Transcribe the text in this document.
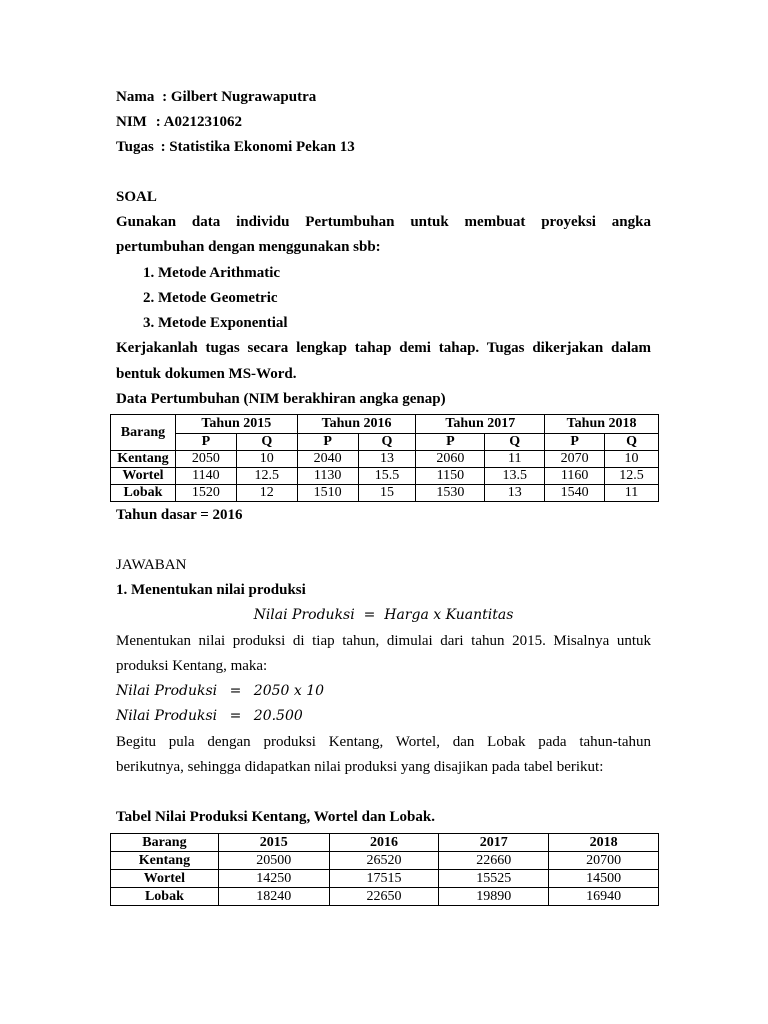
Nama : Gilbert Nugrawaputra
NIM : A021231062
Tugas : Statistika Ekonomi Pekan 13
SOAL
Gunakan data individu Pertumbuhan untuk membuat proyeksi angka
pertumbuhan dengan menggunakan sbb:
1. Metode Arithmatic
2. Metode Geometric
3. Metode Exponential
Kerjakanlah tugas secara lengkap tahap demi tahap. Tugas dikerjakan dalam
bentuk dokumen MS-Word.
Data Pertumbuhan (NIM berakhiran angka genap)
Barang	Tahun 2015		Tahun 2016		Tahun 2017		Tahun 2018	
	P	Q	P	Q	P	Q	P	Q
Kentang	2050	10	2040	13	2060	11	2070	10
Wortel	1140	12.5	1130	15.5	1150	13.5	1160	12.5
Lobak	1520	12	1510	15	1530	13	1540	11
Tahun dasar = 2016
JAWABAN
1. Menentukan nilai produksi
Nilai Produksi  =  Harga x Kuantitas
Menentukan nilai produksi di tiap tahun, dimulai dari tahun 2015. Misalnya untuk
produksi Kentang, maka:
Nilai Produksi = 2050 x 10
Nilai Produksi = 20.500
Begitu pula dengan produksi Kentang, Wortel, dan Lobak pada tahun-tahun
berikutnya, sehingga didapatkan nilai produksi yang disajikan pada tabel berikut:
Tabel Nilai Produksi Kentang, Wortel dan Lobak.
Barang	2015	2016	2017	2018
Kentang	20500	26520	22660	20700
Wortel	14250	17515	15525	14500
Lobak	18240	22650	19890	16940
